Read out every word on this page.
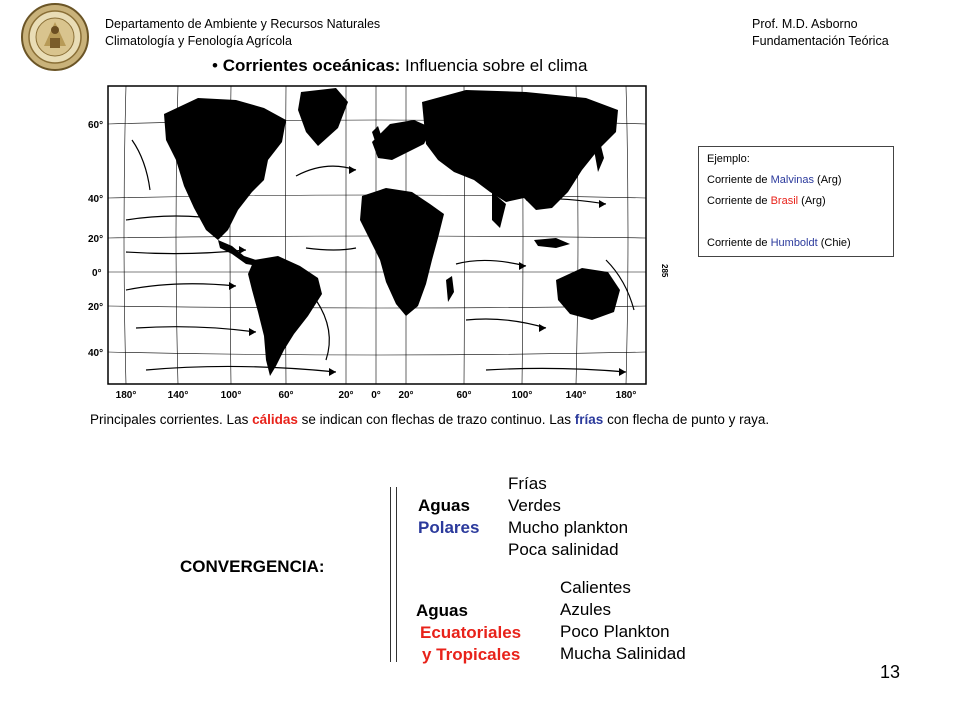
Departamento de Ambiente y Recursos Naturales
Climatología y Fenología Agrícola
Prof. M.D. Asborno
Fundamentación Teórica
• Corrientes oceánicas: Influencia sobre el clima
60°
40°
20°
0°
20°
40°
180°	140°	100°	60°	20° 0° 20°	60°	100°	140°	180°
285
Ejemplo:
Corriente de Malvinas (Arg)
Corriente de Brasil (Arg)
Corriente de Humboldt (Chie)
Principales corrientes. Las cálidas se indican con flechas de trazo continuo. Las frías con flecha de punto y raya.
CONVERGENCIA:
Aguas
Polares
Frías
Verdes
Mucho plankton
Poca salinidad
Aguas
Ecuatoriales
y Tropicales
Calientes
Azules
Poco Plankton
Mucha Salinidad
13
